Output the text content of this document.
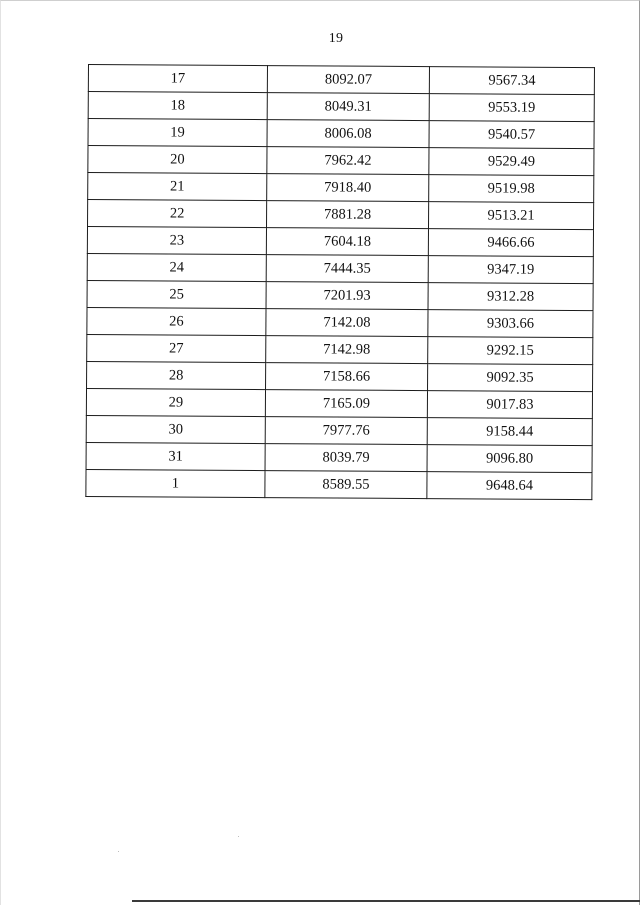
19
17	8092.07	9567.34
18	8049.31	9553.19
19	8006.08	9540.57
20	7962.42	9529.49
21	7918.40	9519.98
22	7881.28	9513.21
23	7604.18	9466.66
24	7444.35	9347.19
25	7201.93	9312.28
26	7142.08	9303.66
27	7142.98	9292.15
28	7158.66	9092.35
29	7165.09	9017.83
30	7977.76	9158.44
31	8039.79	9096.80
1	8589.55	9648.64
